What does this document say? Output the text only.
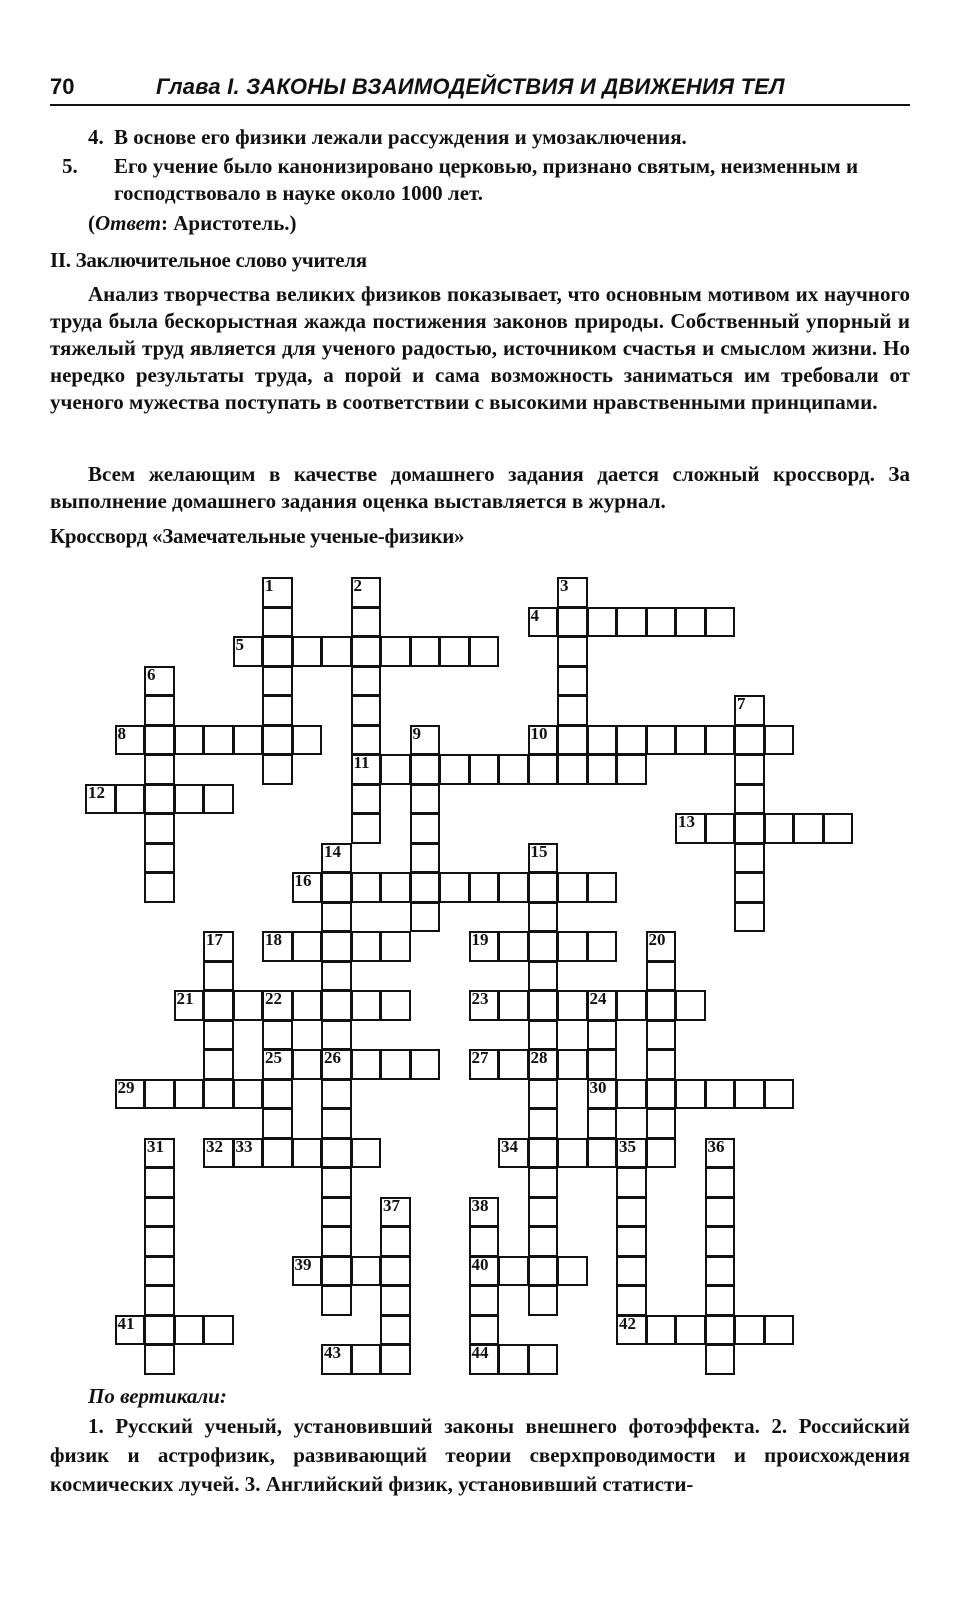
70	Глава I. ЗАКОНЫ ВЗАИМОДЕЙСТВИЯ И ДВИЖЕНИЯ ТЕЛ
4. В основе его физики лежали рассуждения и умозаключения.
5. Его учение было канонизировано церковью, признано святым, неизменным и господствовало в науке около 1000 лет.
(Ответ: Аристотель.)
II. Заключительное слово учителя
Анализ творчества великих физиков показывает, что основным мотивом их научного труда была бескорыстная жажда постижения законов природы. Собственный упорный и тяжелый труд является для ученого радостью, источником счастья и смыслом жизни. Но нередко результаты труда, а порой и сама возможность заниматься им требовали от ученого мужества поступать в соответствии с высокими нравственными принципами.
Всем желающим в качестве домашнего задания дается сложный кроссворд. За выполнение домашнего задания оценка выставляется в журнал.
Кроссворд «Замечательные ученые-физики»
1	2
11
3
4
5
6
7
8	9	10
12
13
14	15
16
17 18	19	20
21	22
25
23	24
30
26	27 28
29
31 32 33	34	35
42
36
37	38
40
44
39
41
43
По вертикали:
1. Русский ученый, установивший законы внешнего фотоэффекта. 2. Российский физик и астрофизик, развивающий теории сверхпроводимости и происхождения космических лучей. 3. Английский физик, установивший статисти-
